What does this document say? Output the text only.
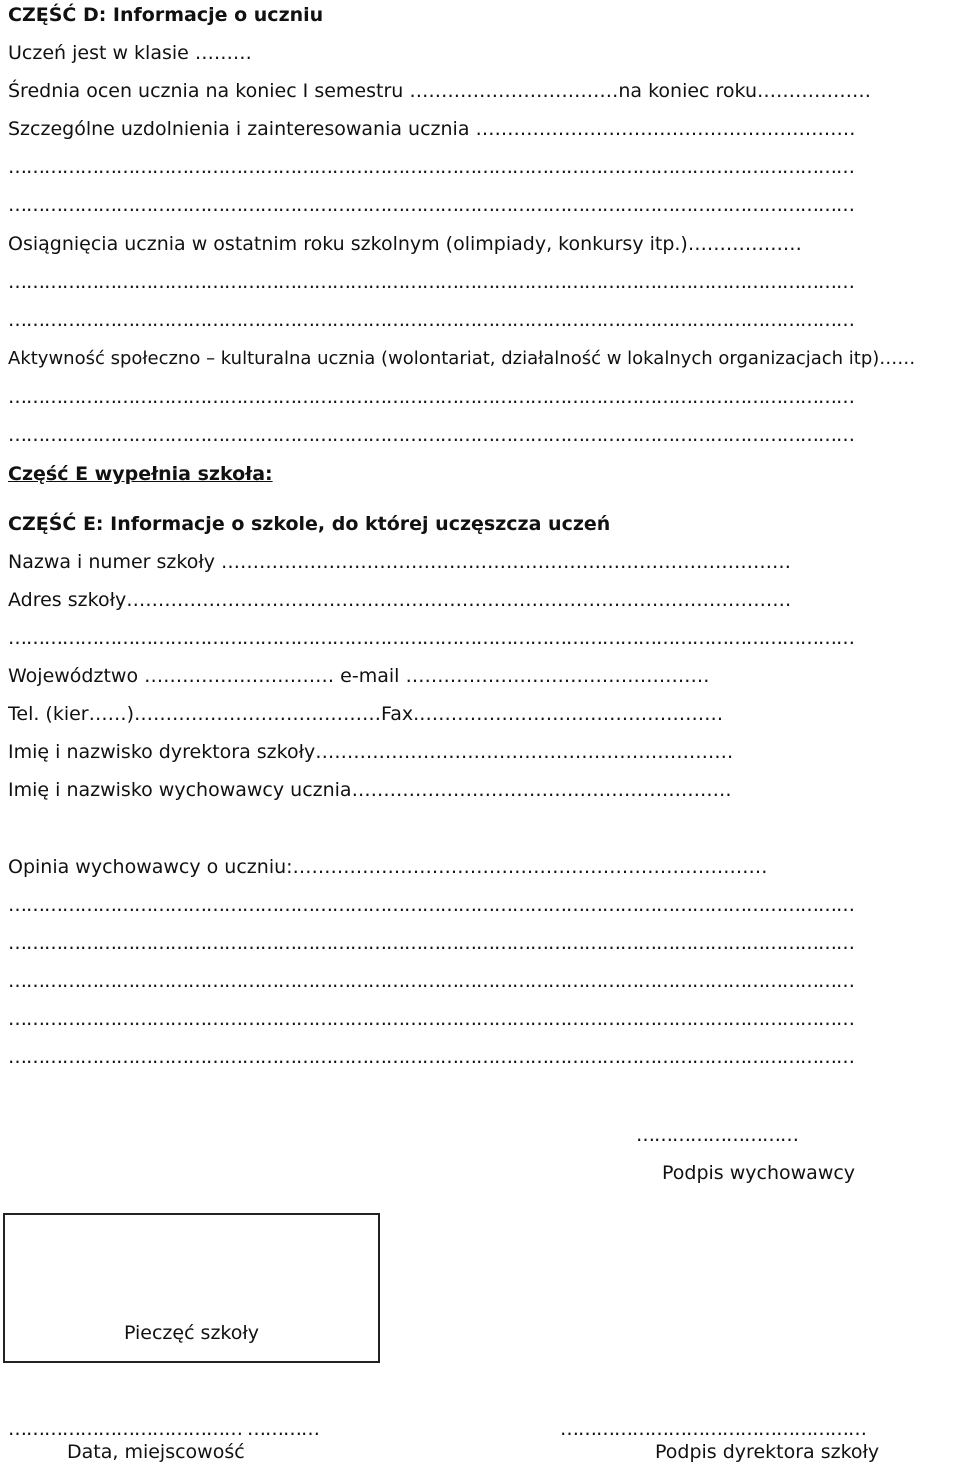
CZĘŚĆ D: Informacje o uczniu
Uczeń jest w klasie ………
Średnia ocen ucznia na koniec I semestru ……………………………na koniec roku………………
Szczególne uzdolnienia i zainteresowania ucznia ……………………………………………………
……………………………………………………………………………………………………………………………
……………………………………………………………………………………………………………………………
Osiągnięcia ucznia w ostatnim roku szkolnym (olimpiady, konkursy itp.)………………
……………………………………………………………………………………………………………………………
……………………………………………………………………………………………………………………………
Aktywność społeczno – kulturalna ucznia (wolontariat, działalność w lokalnych organizacjach itp)……
……………………………………………………………………………………………………………………………
……………………………………………………………………………………………………………………………
Część E wypełnia szkoła:
CZĘŚĆ E: Informacje o szkole, do której uczęszcza uczeń
Nazwa i numer szkoły ………………………………………………………………………………
Adres szkoły……………………………………………………………………………………………
……………………………………………………………………………………………………………………………
Województwo ………………………… e-mail …………………………………………
Tel. (kier……)…………………………………Fax.…………………………………………
Imię i nazwisko dyrektora szkoły…………………………………………………………
Imię i nazwisko wychowawcy ucznia……………………………………………………
Opinia wychowawcy o uczniu:…………………………………………………………………
……………………………………………………………………………………………………………………………
……………………………………………………………………………………………………………………………
……………………………………………………………………………………………………………………………
……………………………………………………………………………………………………………………………
……………………………………………………………………………………………………………………………
………………………
Podpis wychowawcy
Pieczęć szkoły
………………………………… …………
Data, miejscowość
……………………………………………
Podpis dyrektora szkoły
